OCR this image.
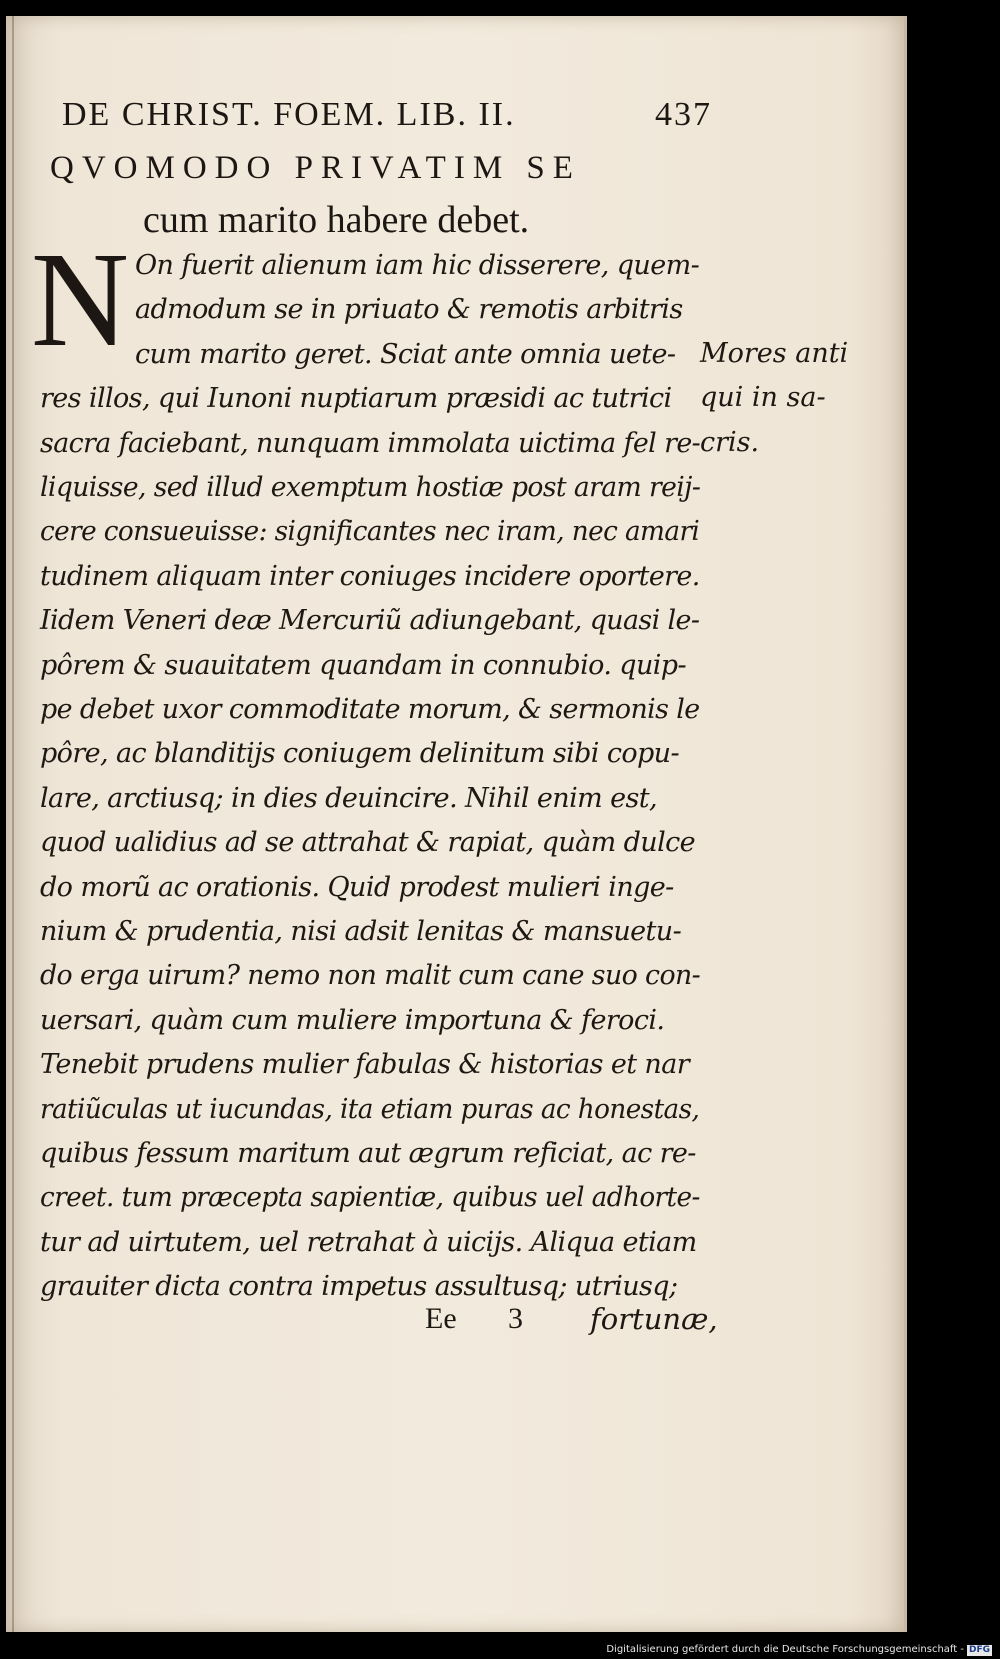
DE CHRIST. FOEM. LIB. II.	437
QVOMODO PRIVATIM SE
cum marito habere debet.
N On fuerit alienum iam hic disserere, quem-
admodum se in priuato & remotis arbitris
cum marito geret. Sciat ante omnia uete-
res illos, qui Iunoni nuptiarum præsidi ac tutrici
sacra faciebant, nunquam immolata uictima fel re-
liquisse, sed illud exemptum hostiæ post aram reij-
cere consueuisse: significantes nec iram, nec amari
tudinem aliquam inter coniuges incidere oportere.
Iidem Veneri deæ Mercuriũ adiungebant, quasi le-
pôrem & suauitatem quandam in connubio. quip-
pe debet uxor commoditate morum, & sermonis le
pôre, ac blanditijs coniugem delinitum sibi copu-
lare, arctiusq; in dies deuincire. Nihil enim est,
quod ualidius ad se attrahat & rapiat, quàm dulce
do morũ ac orationis. Quid prodest mulieri inge-
nium & prudentia, nisi adsit lenitas & mansuetu-
do erga uirum? nemo non malit cum cane suo con-
uersari, quàm cum muliere importuna & feroci.
Tenebit prudens mulier fabulas & historias et nar
ratiũculas ut iucundas, ita etiam puras ac honestas,
quibus fessum maritum aut ægrum reficiat, ac re-
creet. tum præcepta sapientiæ, quibus uel adhorte-
tur ad uirtutem, uel retrahat à uicijs. Aliqua etiam
grauiter dicta contra impetus assultusq; utriusq;
Mores anti
qui in sa-
cris.
Ee 3 fortunæ,
Digitalisierung gefördert durch die Deutsche Forschungsgemeinschaft - DFG
